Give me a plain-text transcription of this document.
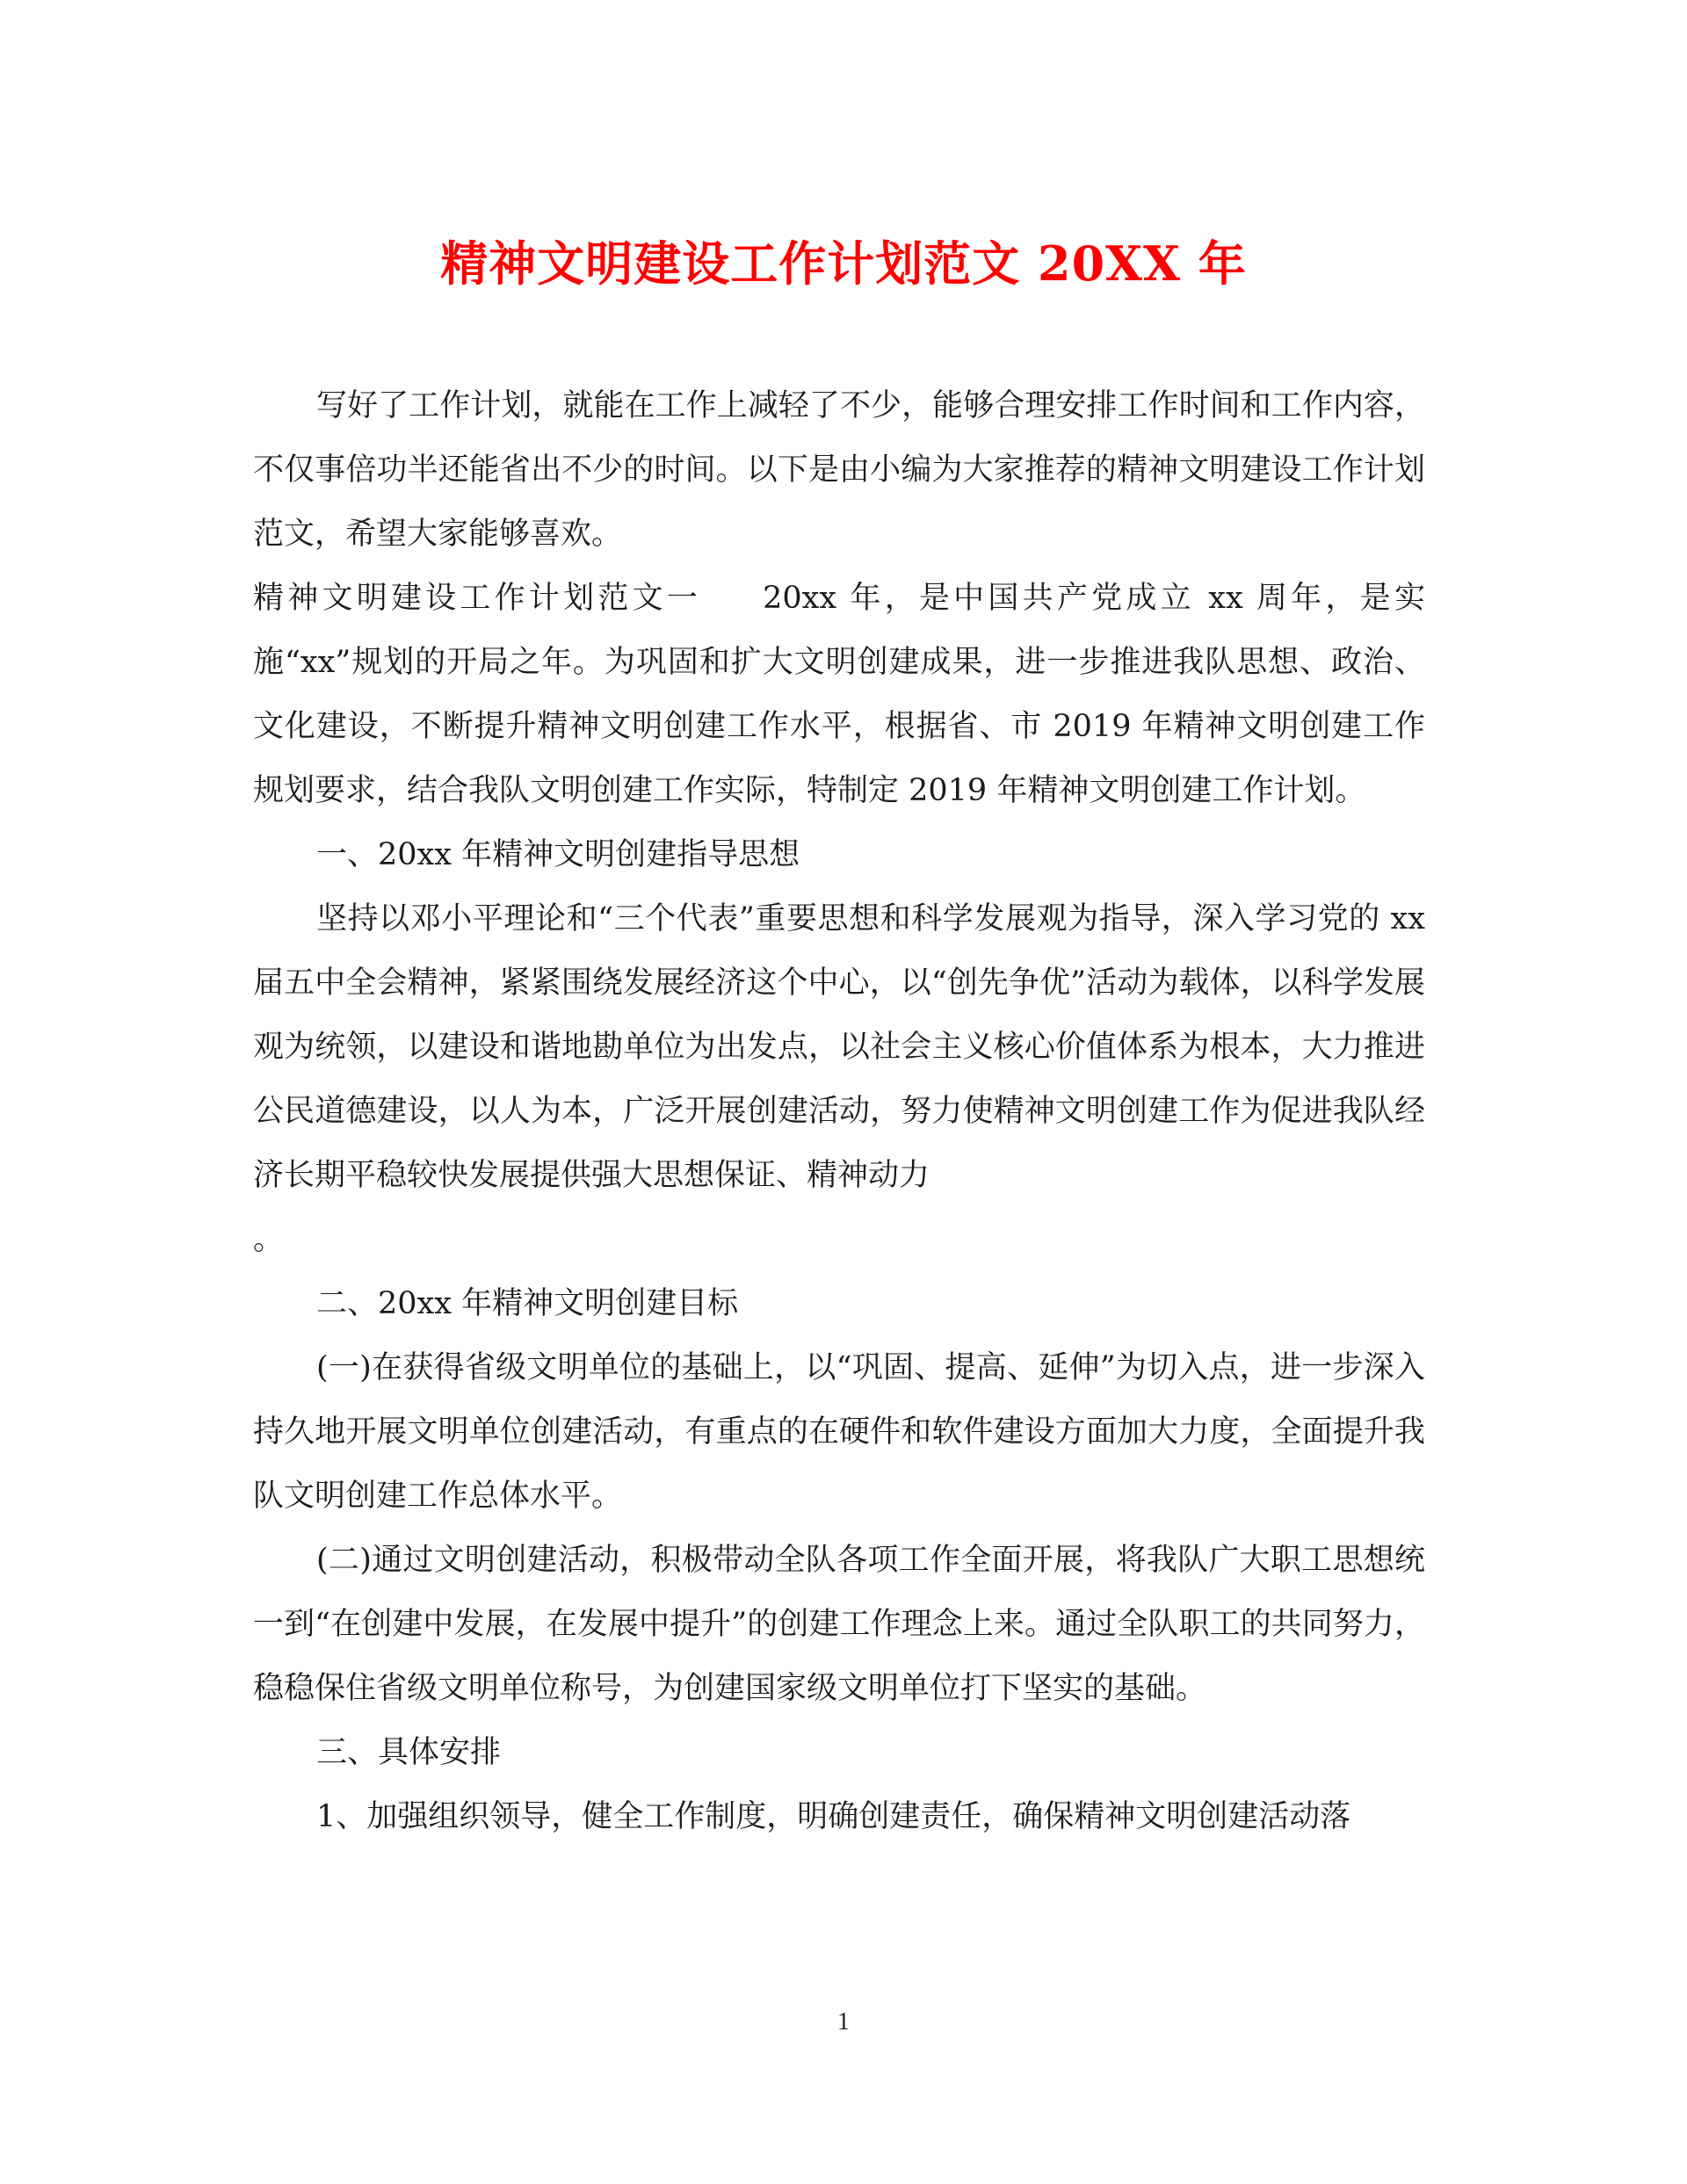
精神文明建设工作计划范文 20XX 年

写好了工作计划，就能在工作上减轻了不少，能够合理安排工作时间和工作内容，不仅事倍功半还能省出不少的时间。以下是由小编为大家推荐的精神文明建设工作计划范文，希望大家能够喜欢。

精神文明建设工作计划范文一 20xx 年，是中国共产党成立 xx 周年，是实施“xx”规划的开局之年。为巩固和扩大文明创建成果，进一步推进我队思想、政治、文化建设，不断提升精神文明创建工作水平，根据省、市 2019 年精神文明创建工作规划要求，结合我队文明创建工作实际，特制定 2019 年精神文明创建工作计划。

一、20xx 年精神文明创建指导思想

坚持以邓小平理论和“三个代表”重要思想和科学发展观为指导，深入学习党的 xx 届五中全会精神，紧紧围绕发展经济这个中心，以“创先争优”活动为载体，以科学发展观为统领，以建设和谐地勘单位为出发点，以社会主义核心价值体系为根本，大力推进公民道德建设，以人为本，广泛开展创建活动，努力使精神文明创建工作为促进我队经济长期平稳较快发展提供强大思想保证、精神动力

。

二、20xx 年精神文明创建目标

(一)在获得省级文明单位的基础上，以“巩固、提高、延伸”为切入点，进一步深入持久地开展文明单位创建活动，有重点的在硬件和软件建设方面加大力度，全面提升我队文明创建工作总体水平。

(二)通过文明创建活动，积极带动全队各项工作全面开展，将我队广大职工思想统一到“在创建中发展，在发展中提升”的创建工作理念上来。通过全队职工的共同努力，稳稳保住省级文明单位称号，为创建国家级文明单位打下坚实的基础。

三、具体安排

1、加强组织领导，健全工作制度，明确创建责任，确保精神文明创建活动落

1
